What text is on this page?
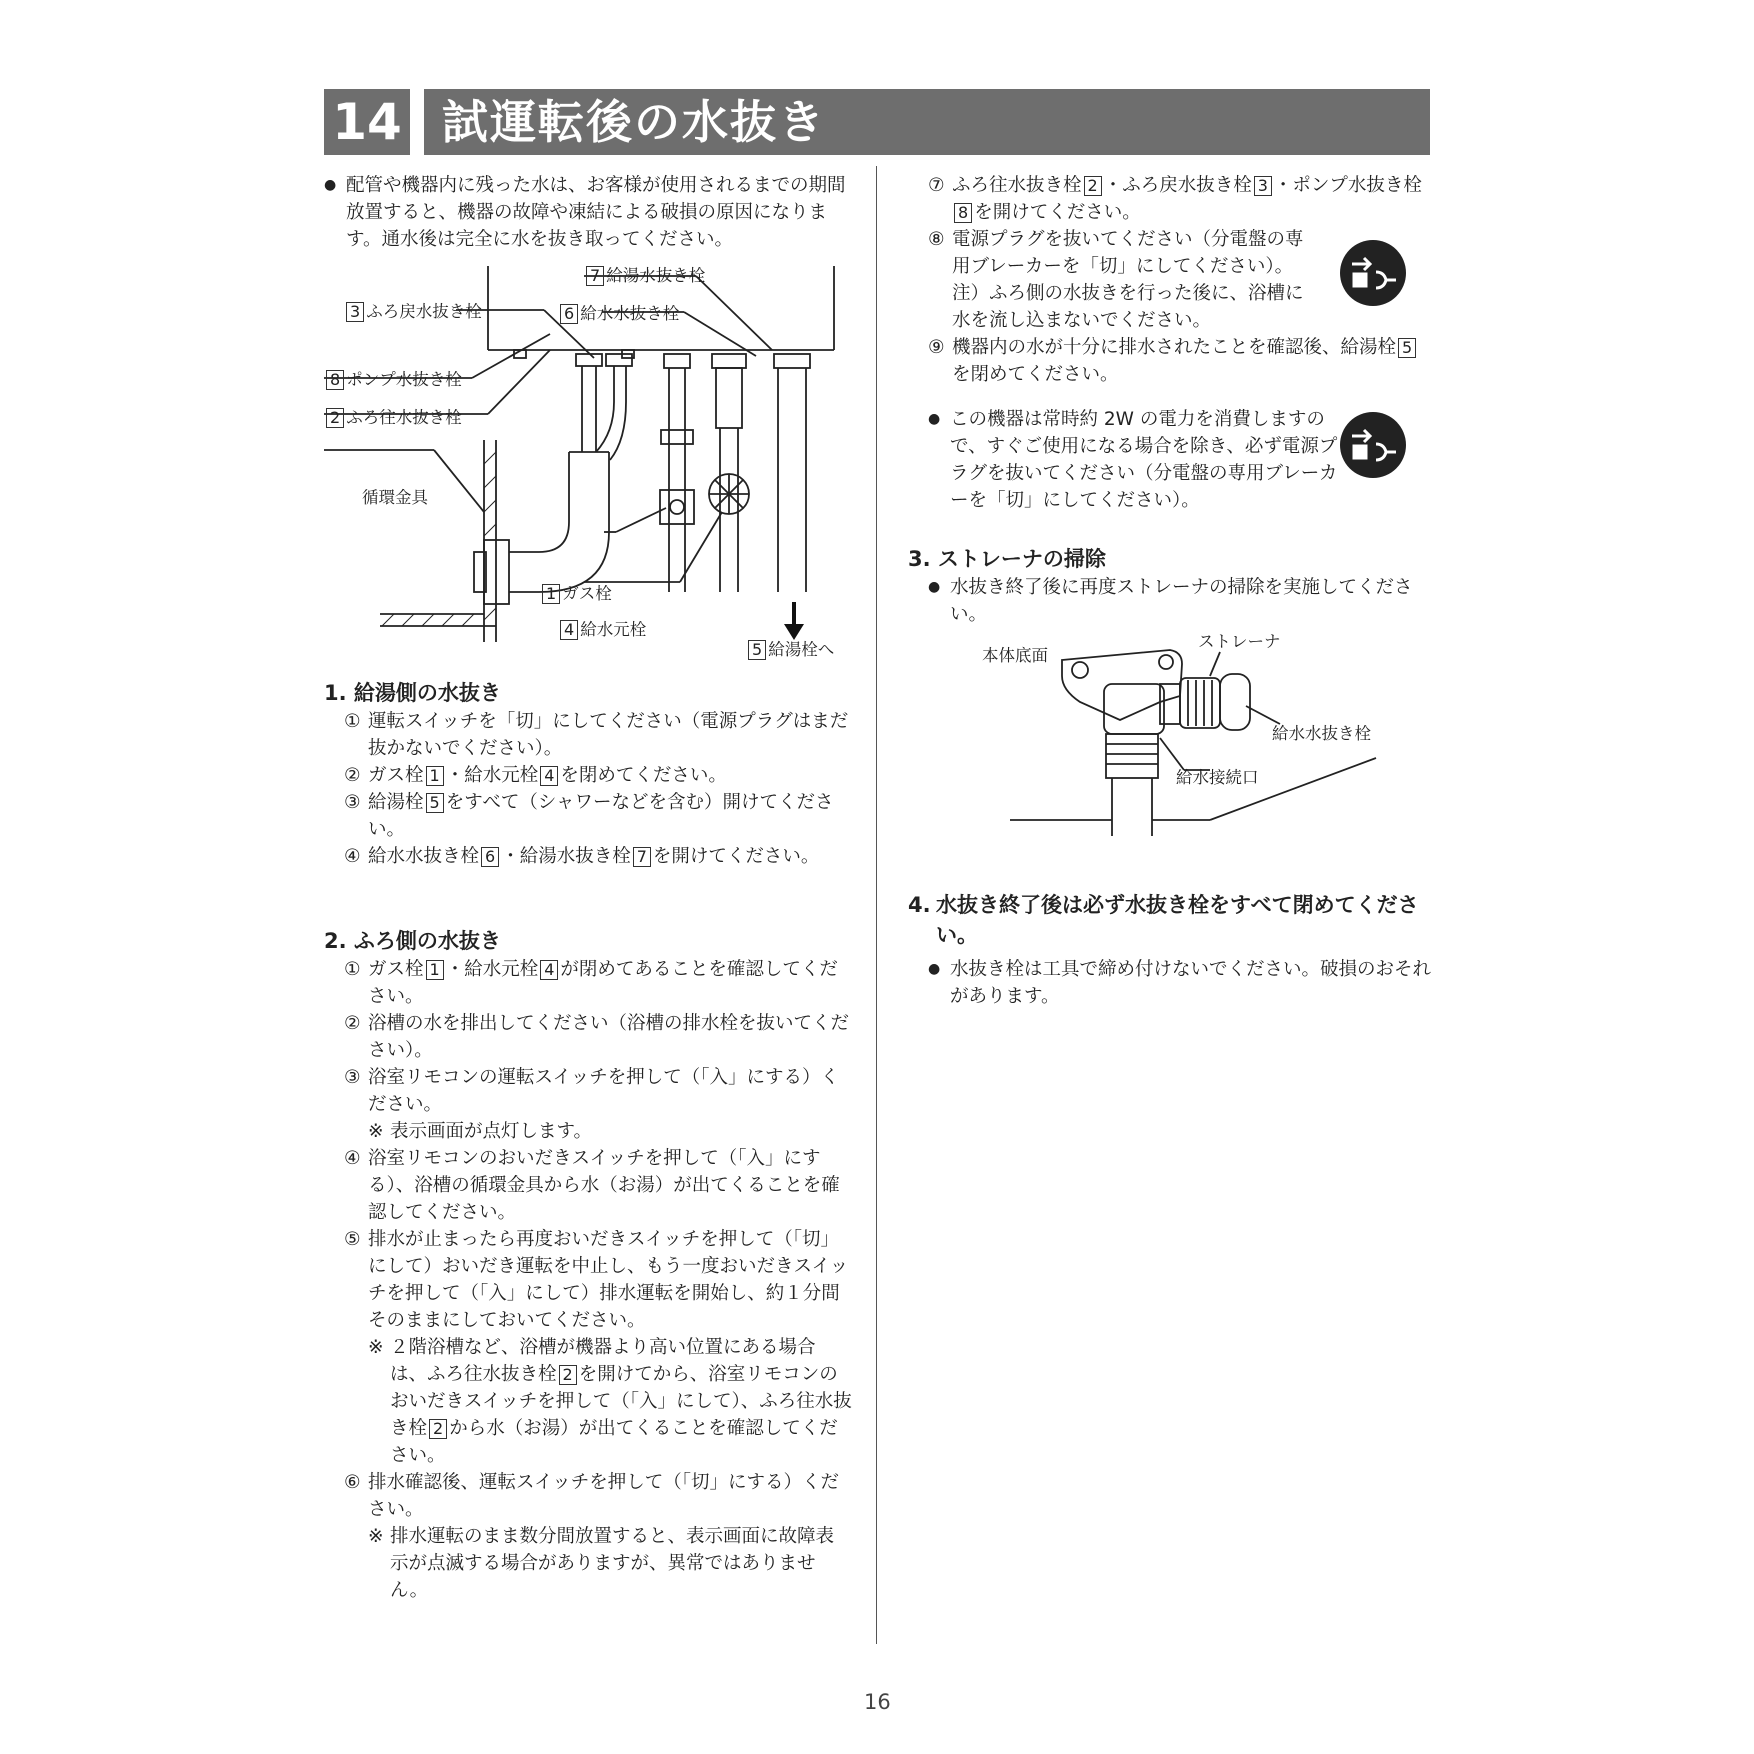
14 試運転後の水抜き

● 配管や機器内に残った水は、お客様が使用されるまでの期間放置すると、機器の故障や凍結による破損の原因になります。通水後は完全に水を抜き取ってください。

7 給湯水抜き栓
3 ふろ戻水抜き栓	6 給水水抜き栓
8 ポンプ水抜き栓
2 ふろ往水抜き栓
循環金具
1 ガス栓
4 給水元栓
5 給湯栓へ

1. 給湯側の水抜き

① 運転スイッチを「切」にしてください（電源プラグはまだ抜かないでください）。

② ガス栓 1 ・給水元栓 4 を閉めてください。

③ 給湯栓 5 をすべて（シャワーなどを含む）開けてください。

④ 給水水抜き栓 6 ・給湯水抜き栓 7 を開けてください。

2. ふろ側の水抜き

① ガス栓 1 ・給水元栓 4 が閉めてあることを確認してください。

② 浴槽の水を排出してください（浴槽の排水栓を抜いてください）。

③ 浴室リモコンの運転スイッチを押して（「入」にする）ください。

※ 表示画面が点灯します。

④ 浴室リモコンのおいだきスイッチを押して（「入」にする）、浴槽の循環金具から水（お湯）が出てくることを確認してください。

⑤ 排水が止まったら再度おいだきスイッチを押して（「切」にして）おいだき運転を中止し、もう一度おいだきスイッチを押して（「入」にして）排水運転を開始し、約１分間そのままにしておいてください。

※ ２階浴槽など、浴槽が機器より高い位置にある場合は、ふろ往水抜き栓 2 を開けてから、浴室リモコンのおいだきスイッチを押して（「入」にして）、ふろ往水抜き栓 2 から水（お湯）が出てくることを確認してください。

⑥ 排水確認後、運転スイッチを押して（「切」にする）ください。

※ 排水運転のまま数分間放置すると、表示画面に故障表示が点滅する場合がありますが、異常ではありません。

⑦ ふろ往水抜き栓 2 ・ふろ戻水抜き栓 3 ・ポンプ水抜き栓8 を開けてください。

⑧ 電源プラグを抜いてください（分電盤の専用ブレーカーを「切」にしてください）。

注）ふろ側の水抜きを行った後に、浴槽に水を流し込まないでください。

⑨ 機器内の水が十分に排水されたことを確認後、給湯栓 5を閉めてください。

● この機器は常時約 2W の電力を消費しますので、すぐご使用になる場合を除き、必ず電源プラグを抜いてください（分電盤の専用ブレーカーを「切」にしてください）。

3. ストレーナの掃除

● 水抜き終了後に再度ストレーナの掃除を実施してください。

本体底面
ストレーナ
給水水抜き栓
給水接続口

4. 水抜き終了後は必ず水抜き栓をすべて閉めてください。

● 水抜き栓は工具で締め付けないでください。破損のおそれがあります。

16
